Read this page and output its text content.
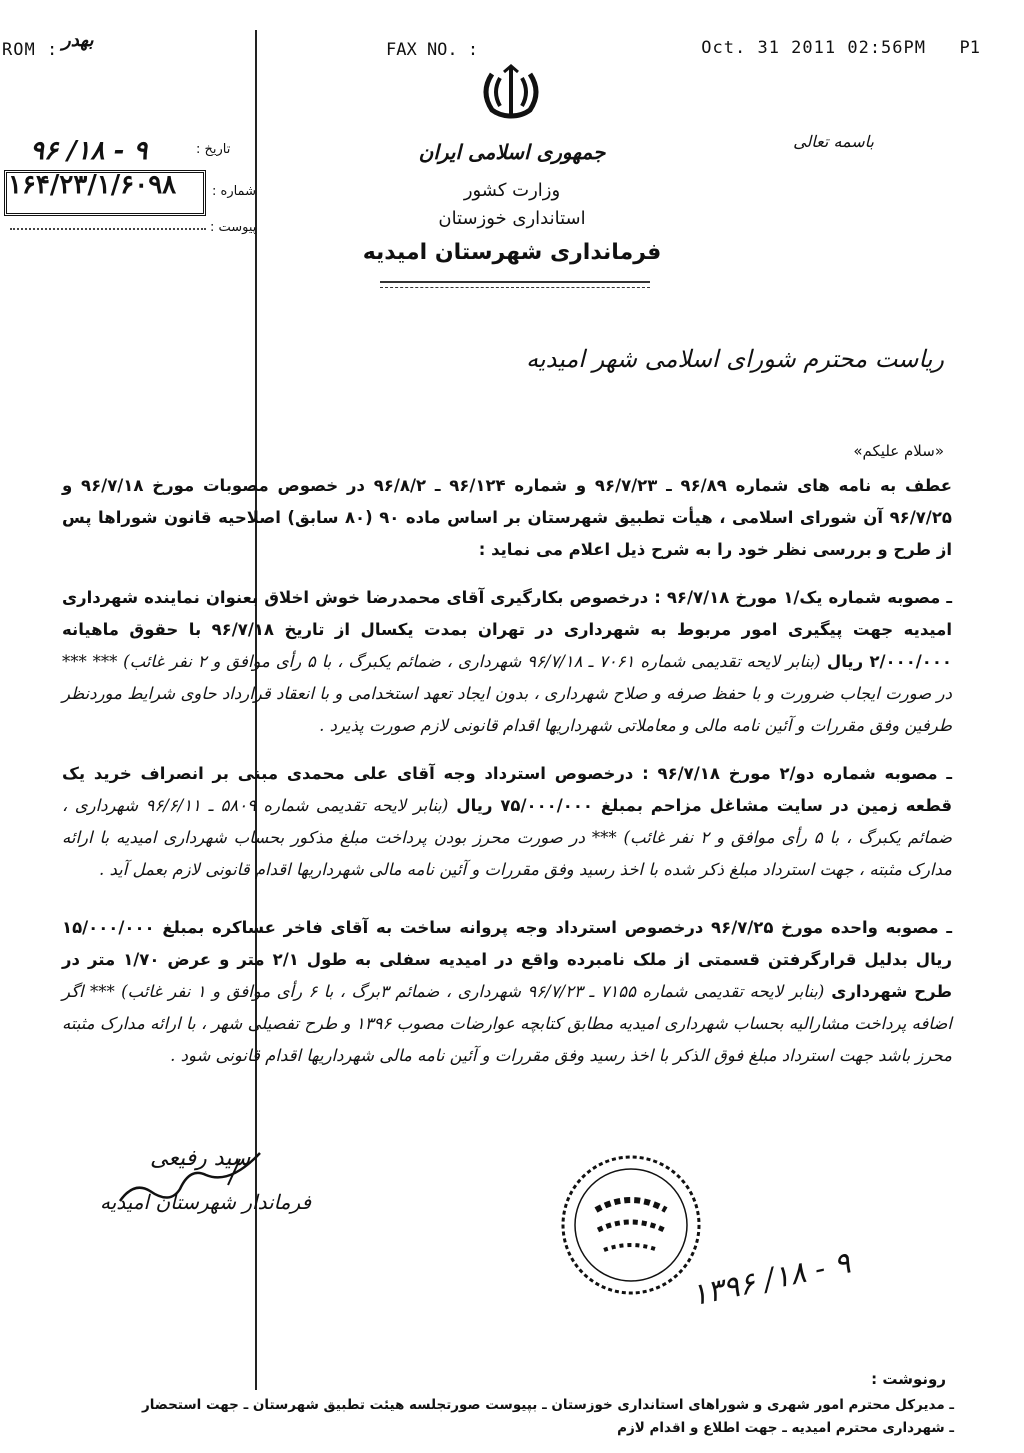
ROM : بهدر	FAX NO. :	Oct. 31 2011 02:56PM P1
باسمه تعالی
جمهوری اسلامی ایران
وزارت کشور
استانداری خوزستان
فرمانداری شهرستان امیدیه
تاریخ :
۹ - ۱۸/ ۹۶
شماره :
۱۶۴/۲۳/۱/۶۰۹۸
پیوست :
ریاست محترم شورای اسلامی شهر امیدیه
«سلام علیکم»
عطف به نامه های شماره ۹۶/۸۹ ـ ۹۶/۷/۲۳ و شماره ۹۶/۱۲۴ ـ ۹۶/۸/۲ در خصوص مصوبات مورخ ۹۶/۷/۱۸ و ۹۶/۷/۲۵ آن شورای اسلامی ، هیأت تطبیق شهرستان بر اساس ماده ۹۰ (۸۰ سابق) اصلاحیه قانون شوراها پس از طرح و بررسی نظر خود را به شرح ذیل اعلام می نماید :
ـ مصوبه شماره یک/۱ مورخ ۹۶/۷/۱۸ : درخصوص بکارگیری آقای محمدرضا خوش اخلاق بعنوان نماینده شهرداری امیدیه جهت پیگیری امور مربوط به شهرداری در تهران بمدت یکسال از تاریخ ۹۶/۷/۱۸ با حقوق ماهیانه ۲/۰۰۰/۰۰۰ ریال (بنابر لایحه تقدیمی شماره ۷۰۶۱ ـ ۹۶/۷/۱۸ شهرداری ، ضمائم یکبرگ ، با ۵ رأی موافق و ۲ نفر غائب) *** *** در صورت ایجاب ضرورت و با حفظ صرفه و صلاح شهرداری ، بدون ایجاد تعهد استخدامی و با انعقاد قرارداد حاوی شرایط موردنظر طرفین وفق مقررات و آئین نامه مالی و معاملاتی شهرداریها اقدام قانونی لازم صورت پذیرد .
ـ مصوبه شماره دو/۲ مورخ ۹۶/۷/۱۸ : درخصوص استرداد وجه آقای علی محمدی مبنی بر انصراف خرید یک قطعه زمین در سایت مشاغل مزاحم بمبلغ ۷۵/۰۰۰/۰۰۰ ریال (بنابر لایحه تقدیمی شماره ۵۸۰۹ ـ ۹۶/۶/۱۱ شهرداری ، ضمائم یکبرگ ، با ۵ رأی موافق و ۲ نفر غائب) *** در صورت محرز بودن پرداخت مبلغ مذکور بحساب شهرداری امیدیه با ارائه مدارک مثبته ، جهت استرداد مبلغ ذکر شده با اخذ رسید وفق مقررات و آئین نامه مالی شهرداریها اقدام قانونی لازم بعمل آید .
ـ مصوبه واحده مورخ ۹۶/۷/۲۵ درخصوص استرداد وجه پروانه ساخت به آقای فاخر عساکره بمبلغ ۱۵/۰۰۰/۰۰۰ ریال بدلیل قرارگرفتن قسمتی از ملک نامبرده واقع در امیدیه سفلی به طول ۲/۱ متر و عرض ۱/۷۰ متر در طرح شهرداری (بنابر لایحه تقدیمی شماره ۷۱۵۵ ـ ۹۶/۷/۲۳ شهرداری ، ضمائم ۳برگ ، با ۶ رأی موافق و ۱ نفر غائب) *** اگر اضافه پرداخت مشارالیه بحساب شهرداری امیدیه مطابق کتابچه عوارضات مصوب ۱۳۹۶ و طرح تفصیلی شهر ، با ارائه مدارک مثبته محرز باشد جهت استرداد مبلغ فوق الذکر با اخذ رسید وفق مقررات و آئین نامه مالی شهرداریها اقدام قانونی شود .
سید رفیعی
فرماندار شهرستان امیدیه
۹ - ۱۸/ ۱۳۹۶
رونوشت :
ـ مدیرکل محترم امور شهری و شوراهای استانداری خوزستان ـ بپیوست صورتجلسه هیئت تطبیق شهرستان ـ جهت استحضار
ـ شهرداری محترم امیدیه ـ جهت اطلاع و اقدام لازم
